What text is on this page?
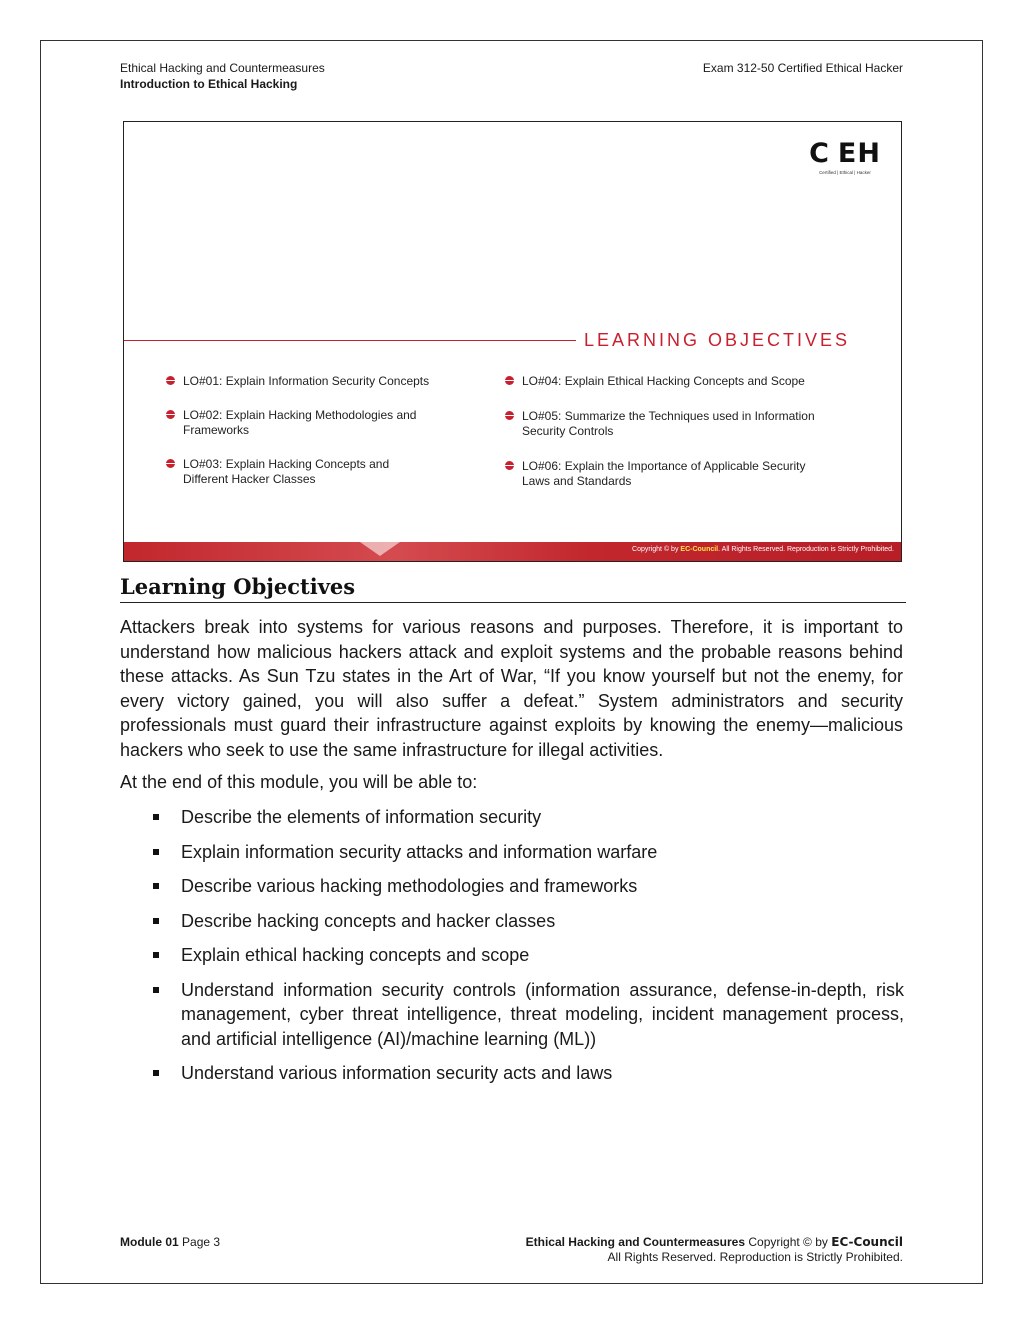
Ethical Hacking and Countermeasures
Introduction to Ethical Hacking
Exam 312-50 Certified Ethical Hacker
C EH
Certified | Ethical | Hacker
LEARNING OBJECTIVES
LO#01: Explain Information Security Concepts
LO#02: Explain Hacking Methodologies and Frameworks
LO#03: Explain Hacking Concepts and Different Hacker Classes
LO#04: Explain Ethical Hacking Concepts and Scope
LO#05: Summarize the Techniques used in Information Security Controls
LO#06: Explain the Importance of Applicable Security Laws and Standards
Copyright © by EC-Council. All Rights Reserved. Reproduction is Strictly Prohibited.
Learning Objectives
Attackers break into systems for various reasons and purposes. Therefore, it is important to understand how malicious hackers attack and exploit systems and the probable reasons behind these attacks. As Sun Tzu states in the Art of War, “If you know yourself but not the enemy, for every victory gained, you will also suffer a defeat.” System administrators and security professionals must guard their infrastructure against exploits by knowing the enemy—malicious hackers who seek to use the same infrastructure for illegal activities.
At the end of this module, you will be able to:
Describe the elements of information security
Explain information security attacks and information warfare
Describe various hacking methodologies and frameworks
Describe hacking concepts and hacker classes
Explain ethical hacking concepts and scope
Understand information security controls (information assurance, defense-in-depth, risk management, cyber threat intelligence, threat modeling, incident management process, and artificial intelligence (AI)/machine learning (ML))
Understand various information security acts and laws
Module 01 Page 3	Ethical Hacking and Countermeasures Copyright © by EC-Council
All Rights Reserved. Reproduction is Strictly Prohibited.
